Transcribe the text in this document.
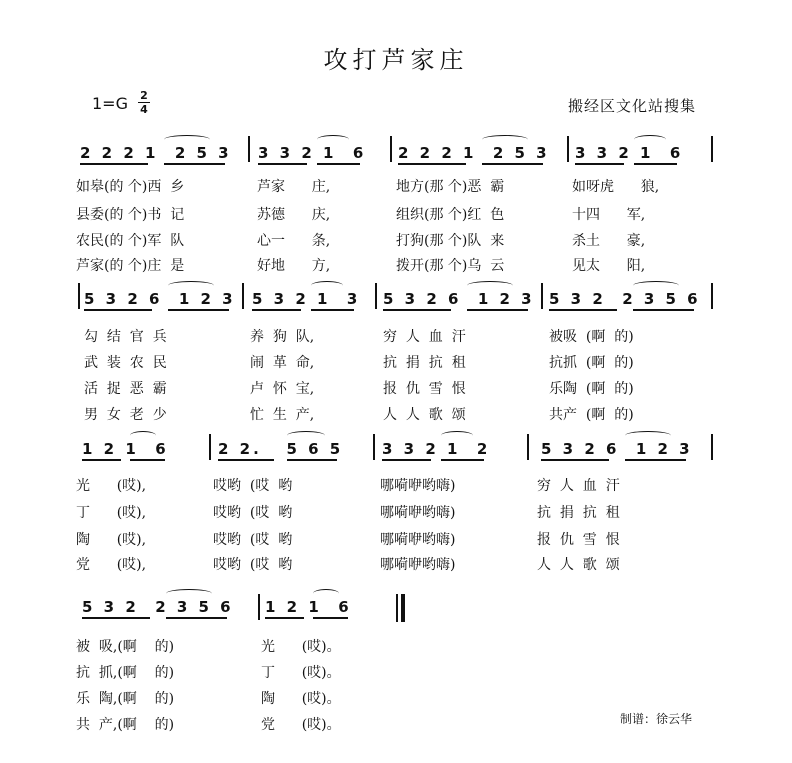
攻打芦家庄
1=G 2
4	搬经区文化站搜集
2 2 2 1  2 5 3 3 3 2 1  6 2 2 2 1  2 5 3 3 3 2 1  6
如皋(的 个)西  乡	芦家      庄,	地方(那 个)恶  霸	如呀虎      狼,
县委(的 个)书  记	苏德      庆,	组织(那 个)红  色	十四      军,
农民(的 个)军  队	心一      条,	打狗(那 个)队  来	杀土      豪,
芦家(的 个)庄  是	好地      方,	拨开(那 个)乌  云	见太      阳,
5 3 2 6  1 2 3 5 3 2 1  3 5 3 2 6  1 2 3 5 3 2  2 3 5 6
勾  结  官  兵	养  狗  队,	穷  人  血  汗	被吸  (啊  的)
武  装  农  民	闹  革  命,	抗  捐  抗  租	抗抓  (啊  的)
活  捉  恶  霸	卢  怀  宝,	报  仇  雪  恨	乐陶  (啊  的)
男  女  老  少	忙  生  产,	人  人  歌  颂	共产  (啊  的)
1 2 1  6	2 2.   5 6 5	3 3 2 1  2	5 3 2 6  1 2 3
光      (哎),	哎哟  (哎  哟	哪嗬咿哟嗨)	穷  人  血  汗
丁      (哎),	哎哟  (哎  哟	哪嗬咿哟嗨)	抗  捐  抗  租
陶      (哎),	哎哟  (哎  哟	哪嗬咿哟嗨)	报  仇  雪  恨
党      (哎),	哎哟  (哎  哟	哪嗬咿哟嗨)	人  人  歌  颂
5 3 2  2 3 5 6 1 2 1  6
被  吸,(啊    的)	光      (哎)。
抗  抓,(啊    的)	丁      (哎)。
乐  陶,(啊    的)	陶      (哎)。
共  产,(啊    的)	党      (哎)。	制谱：徐云华
